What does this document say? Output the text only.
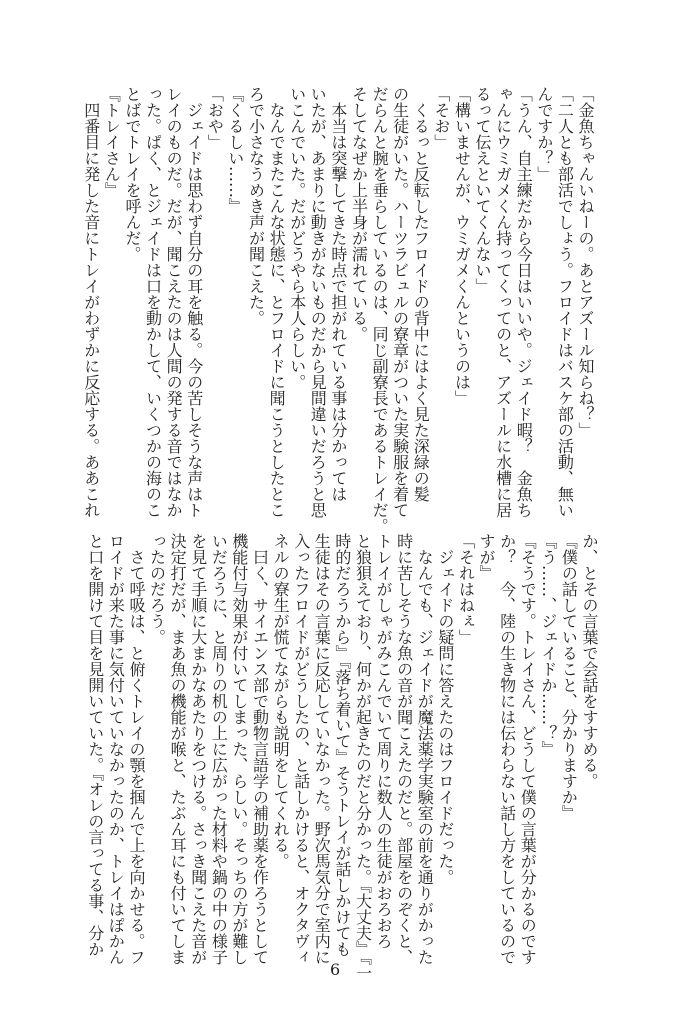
「金魚ちゃんいねーの。あとアズール知らね？」
「二人とも部活でしょう。フロイドはバスケ部の活動、無い
んですか？」
「うん、自主練だから今日はいいや。ジェイド暇？　金魚ち
ゃんにウミガメくん持ってくってのと、アズールに水槽に居
るって伝えといてくんない」
「構いませんが、ウミガメくんというのは」
「そお」
　くるっと反転したフロイドの背中にはよく見た深緑の髪
の生徒がいた。ハーツラビュルの寮章がついた実験服を着て
だらんと腕を垂らしているのは、同じ副寮長であるトレイだ。
そしてなぜか上半身が濡れている。
　本当は突撃してきた時点で担がれている事は分かっては
いたが、あまりに動きがないものだから見間違いだろうと思
いこんでいた。だがどうやら本人らしい。
　なんでまたこんな状態に、とフロイドに聞こうとしたとこ
ろで小さなうめき声が聞こえた。
『くるしい……』
「おや」
　ジェイドは思わず自分の耳を触る。今の苦しそうな声はト
レイのものだ。だが、聞こえたのは人間の発する音ではなか
った。ぱく、とジェイドは口を動かして、いくつかの海のこ
とばでトレイを呼んだ。
『トレイさん』
　四番目に発した音にトレイがわずかに反応する。ああこれ
か、とその言葉で会話をすすめる。
『僕の話していること、分かりますか』
『う……、ジェイドか……？』
『そうです。トレイさん、どうして僕の言葉が分かるのです
か？　今、陸の生き物には伝わらない話し方をしているので
すが』
「それはねぇ」
　ジェイドの疑問に答えたのはフロイドだった。
　なんでも、ジェイドが魔法薬学実験室の前を通りがかった
時に苦しそうな魚の音が聞こえたのだと。部屋をのぞくと、
トレイがしゃがみこんでいて周りに数人の生徒がおろおろ
と狼狽えており、何かが起きたのだと分かった。『大丈夫』『一
時的だろうから』『落ち着いて』そうトレイが話しかけても
生徒はその言葉に反応していなかった。野次馬気分で室内に
入ったフロイドがどうしたの、と話しかけると、オクタヴィ
ネルの寮生が慌てながらも説明をしてくれる。
　曰く、サイエンス部で動物言語学の補助薬を作ろうとして
機能付与効果が付いてしまった、らしい。そっちの方が難し
いだろうに、と周りの机の上に広がった材料や鍋の中の様子
を見て手順に大まかなあたりをつける。さっき聞こえた音が
決定打だが、まあ魚の機能が喉と、たぶん耳にも付いてしま
ったのだろう。
　さて呼吸は、と俯くトレイの顎を掴んで上を向かせる。フ
ロイドが来た事に気付いていなかったのか、トレイはぽかん
と口を開けて目を見開いていた。『オレの言ってる事、分か
6
